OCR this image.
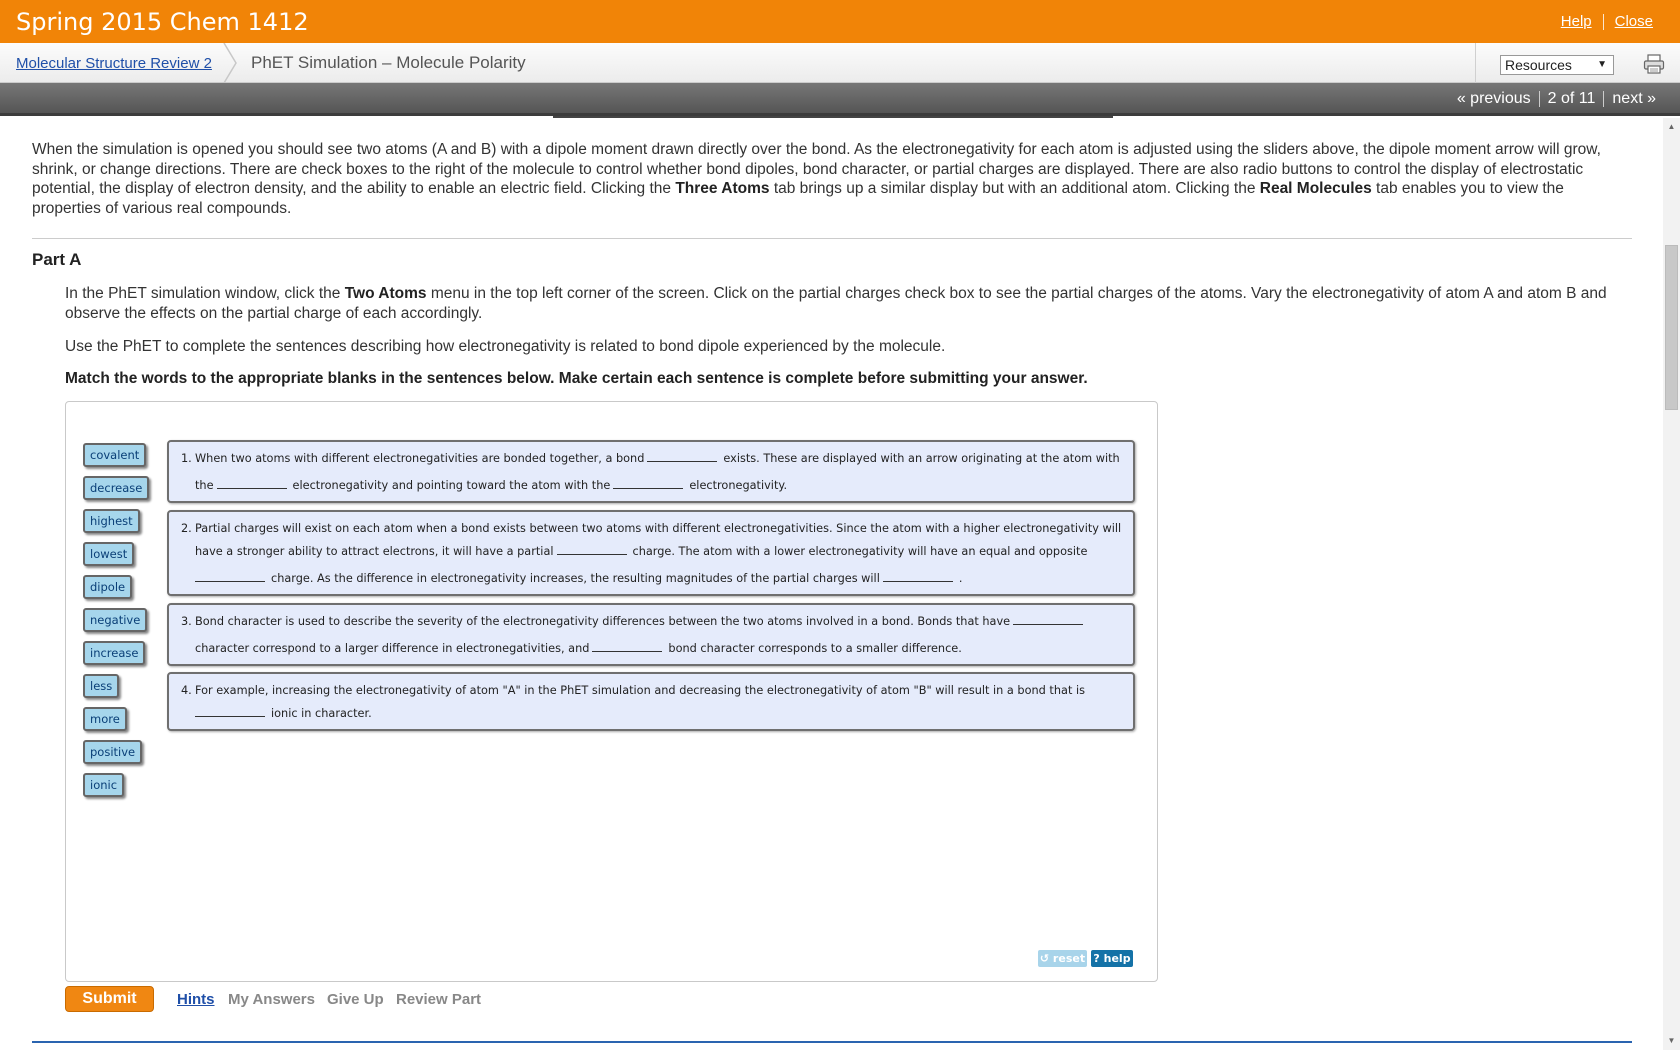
Spring 2015 Chem 1412	Help	Close
Molecular Structure Review 2 PhET Simulation – Molecule Polarity	Resources	▼
« previous	2 of 11	next »
▲
▼

When the simulation is opened you should see two atoms (A and B) with a dipole moment drawn directly over the bond. As the electronegativity for each atom is adjusted using the sliders above, the dipole moment arrow will grow, shrink, or change directions. There are check boxes to the right of the molecule to control whether bond dipoles, bond character, or partial charges are displayed. There are also radio buttons to control the display of electrostatic potential, the display of electron density, and the ability to enable an electric field. Clicking the Three Atoms tab brings up a similar display but with an additional atom. Clicking the Real Molecules tab enables you to view the properties of various real compounds.

Part A

In the PhET simulation window, click the Two Atoms menu in the top left corner of the screen. Click on the partial charges check box to see the partial charges of the atoms. Vary the electronegativity of atom A and atom B and observe the effects on the partial charge of each accordingly.

Use the PhET to complete the sentences describing how electronegativity is related to bond dipole experienced by the molecule.

Match the words to the appropriate blanks in the sentences below. Make certain each sentence is complete before submitting your answer.

covalent
decrease
highest
lowest
dipole
negative
increase
less
more
positive
ionic
1. When two atoms with different electronegativities are bonded together, a bond	exists. These are displayed with an arrow originating at the atom with
the	electronegativity and pointing toward the atom with the	electronegativity.
2. Partial charges will exist on each atom when a bond exists between two atoms with different electronegativities. Since the atom with a higher electronegativity will
have a stronger ability to attract electrons, it will have a partial	charge. The atom with a lower electronegativity will have an equal and opposite
charge. As the difference in electronegativity increases, the resulting magnitudes of the partial charges will	.
3. Bond character is used to describe the severity of the electronegativity differences between the two atoms involved in a bond. Bonds that have
character correspond to a larger difference in electronegativities, and	bond character corresponds to a smaller difference.
4. For example, increasing the electronegativity of atom "A" in the PhET simulation and decreasing the electronegativity of atom "B" will result in a bond that is
ionic in character.
↺ reset ? help
Submit	Hints My Answers Give Up Review Part
